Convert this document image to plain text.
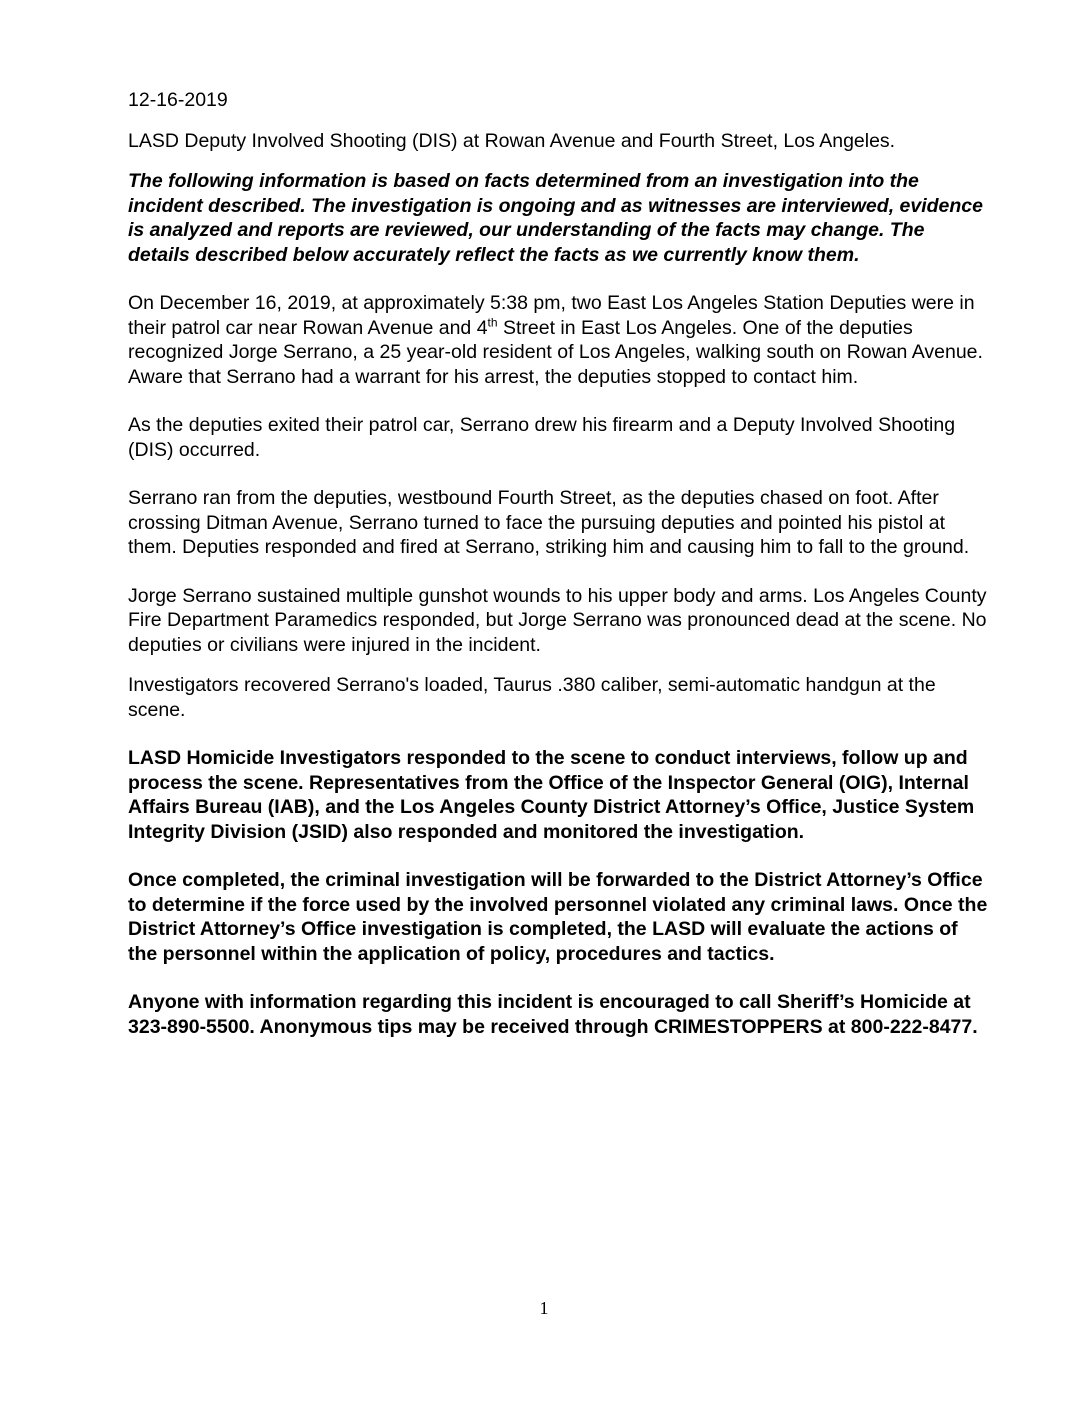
12-16-2019

LASD Deputy Involved Shooting (DIS) at Rowan Avenue and Fourth Street, Los Angeles.

The following information is based on facts determined from an investigation into the incident described. The investigation is ongoing and as witnesses are interviewed, evidence is analyzed and reports are reviewed, our understanding of the facts may change. The details described below accurately reflect the facts as we currently know them.

On December 16, 2019, at approximately 5:38 pm, two East Los Angeles Station Deputies were in their patrol car near Rowan Avenue and 4th Street in East Los Angeles. One of the deputies recognized Jorge Serrano, a 25 year-old resident of Los Angeles, walking south on Rowan Avenue. Aware that Serrano had a warrant for his arrest, the deputies stopped to contact him.

As the deputies exited their patrol car, Serrano drew his firearm and a Deputy Involved Shooting (DIS) occurred.

Serrano ran from the deputies, westbound Fourth Street, as the deputies chased on foot. After crossing Ditman Avenue, Serrano turned to face the pursuing deputies and pointed his pistol at them. Deputies responded and fired at Serrano, striking him and causing him to fall to the ground.

Jorge Serrano sustained multiple gunshot wounds to his upper body and arms. Los Angeles County Fire Department Paramedics responded, but Jorge Serrano was pronounced dead at the scene. No deputies or civilians were injured in the incident.

Investigators recovered Serrano's loaded, Taurus .380 caliber, semi-automatic handgun at the scene.

LASD Homicide Investigators responded to the scene to conduct interviews, follow up and process the scene. Representatives from the Office of the Inspector General (OIG), Internal Affairs Bureau (IAB), and the Los Angeles County District Attorney’s Office, Justice System Integrity Division (JSID) also responded and monitored the investigation.

Once completed, the criminal investigation will be forwarded to the District Attorney’s Office to determine if the force used by the involved personnel violated any criminal laws. Once the District Attorney’s Office investigation is completed, the LASD will evaluate the actions of the personnel within the application of policy, procedures and tactics.

Anyone with information regarding this incident is encouraged to call Sheriff’s Homicide at 323-890-5500. Anonymous tips may be received through CRIMESTOPPERS at 800-222-8477.

1
